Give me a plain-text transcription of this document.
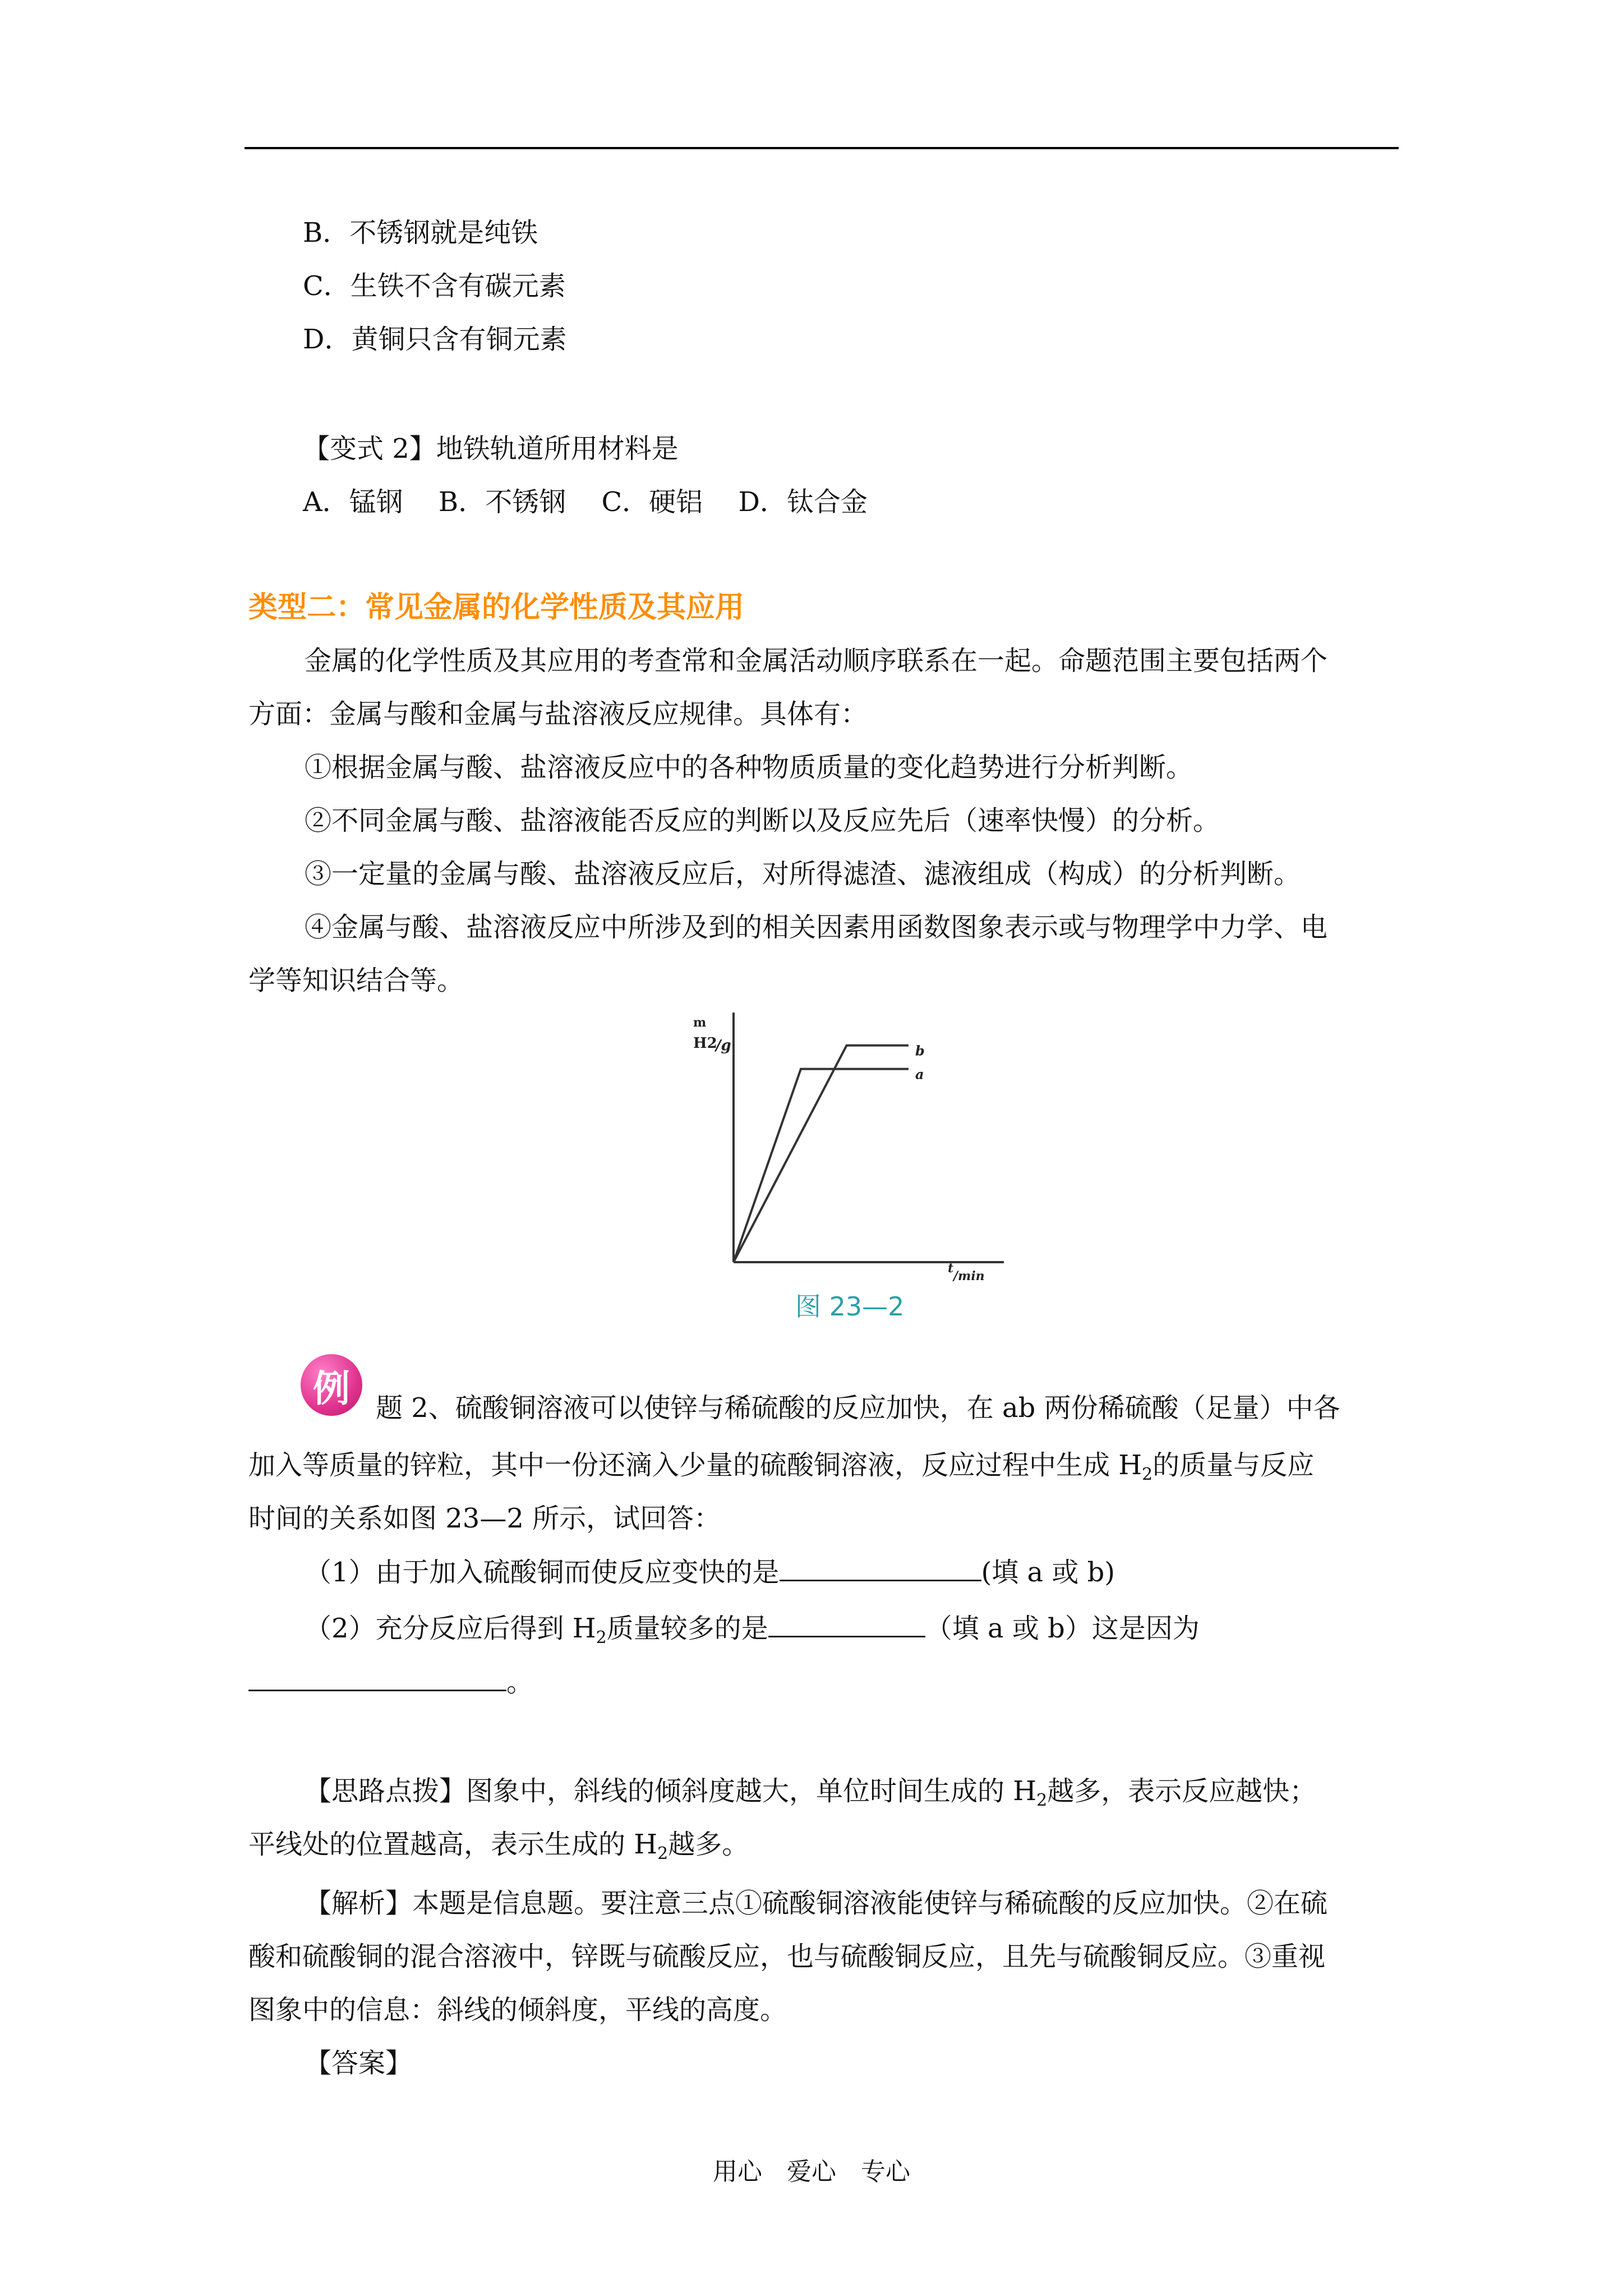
B．不锈钢就是纯铁
C．生铁不含有碳元素
D．黄铜只含有铜元素
【变式 2】地铁轨道所用材料是
A．锰钢　 B．不锈钢　 C．硬铝　 D．钛合金
类型二：常见金属的化学性质及其应用
金属的化学性质及其应用的考查常和金属活动顺序联系在一起。命题范围主要包括两个
方面：金属与酸和金属与盐溶液反应规律。具体有：
①根据金属与酸、盐溶液反应中的各种物质质量的变化趋势进行分析判断。
②不同金属与酸、盐溶液能否反应的判断以及反应先后（速率快慢）的分析。
③一定量的金属与酸、盐溶液反应后，对所得滤渣、滤液组成（构成）的分析判断。
④金属与酸、盐溶液反应中所涉及到的相关因素用函数图象表示或与物理学中力学、电
学等知识结合等。
m
H2
/g
t
/min
b
a
图 23—2
例 题 2、硫酸铜溶液可以使锌与稀硫酸的反应加快，在 ab 两份稀硫酸（足量）中各
加入等质量的锌粒，其中一份还滴入少量的硫酸铜溶液，反应过程中生成 $H_2$的质量与反应
时间的关系如图 23—2 所示，试回答：
（1）由于加入硫酸铜而使反应变快的是	(填 a 或 b)
（2）充分反应后得到 $H_2$质量较多的是	（填 a 或 b）这是因为
。
【思路点拨】图象中，斜线的倾斜度越大，单位时间生成的 $H_2$越多，表示反应越快；
平线处的位置越高，表示生成的 $H_2$越多。
【解析】本题是信息题。要注意三点①硫酸铜溶液能使锌与稀硫酸的反应加快。②在硫
酸和硫酸铜的混合溶液中，锌既与硫酸反应，也与硫酸铜反应，且先与硫酸铜反应。③重视
图象中的信息：斜线的倾斜度，平线的高度。
【答案】
用心　爱心　专心
